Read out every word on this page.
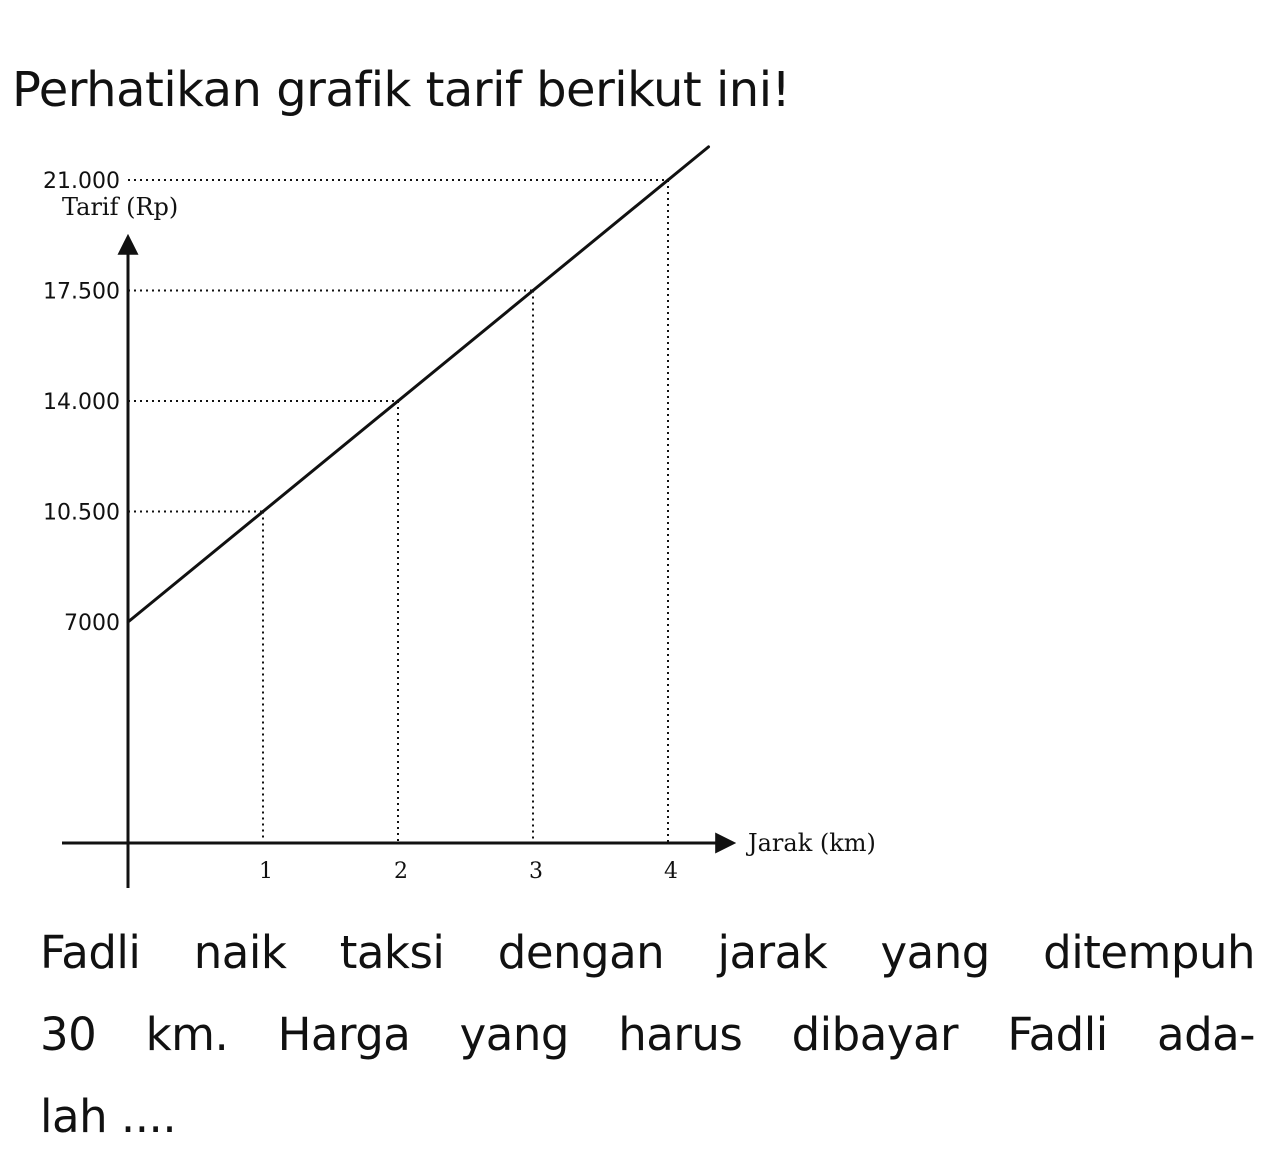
Perhatikan grafik tarif berikut ini!
7000
10.500
14.000
17.500
21.000
1	2	3	4
Tarif (Rp)
Jarak (km)
Fadli naik taksi dengan jarak yang ditempuh
30 km. Harga yang harus dibayar Fadli ada-
lah ....
